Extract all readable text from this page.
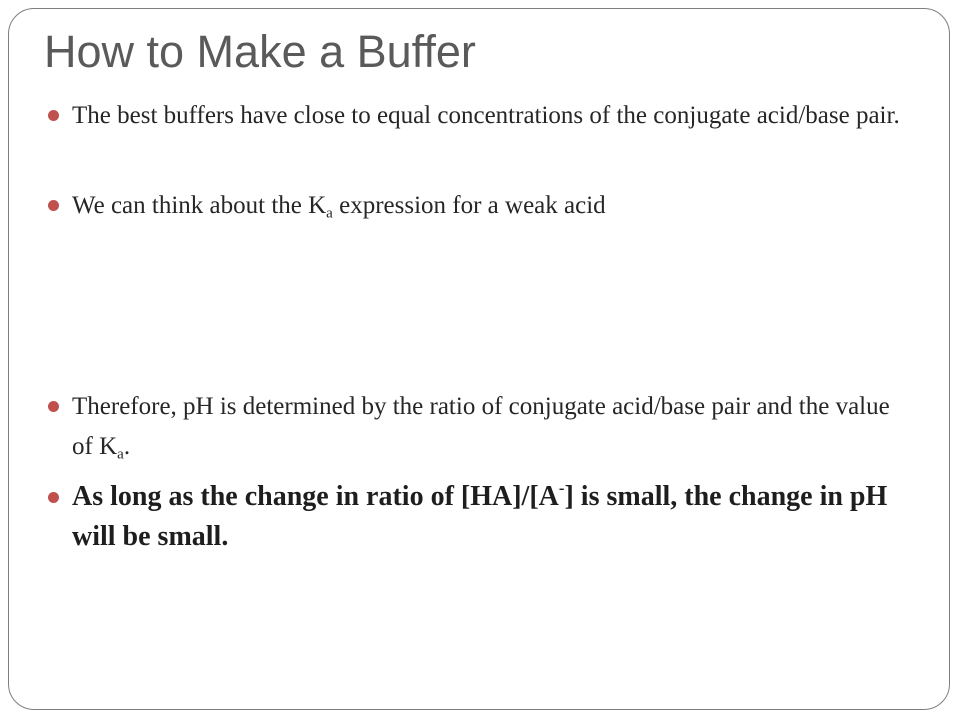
How to Make a Buffer
The best buffers have close to equal concentrations of the conjugate acid/base pair.
We can think about the $K_a$ expression for a weak acid
Therefore, pH is determined by the ratio of conjugate acid/base pair and the value of $K_a$.
As long as the change in ratio of [HA]/[A-] is small, the change in pH will be small.
